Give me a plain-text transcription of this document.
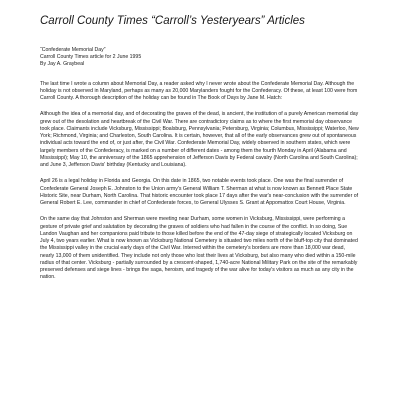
Carroll County Times “Carroll’s Yesteryears” Articles
“Confederate Memorial Day”
Carroll County Times article for 2 June 1995
By Jay A. Graybeal

The last time I wrote a column about Memorial Day, a reader asked why I never wrote about the Confederate Memorial Day. Although the holiday is not observed in Maryland, perhaps as many as 20,000 Marylanders fought for the Confederacy. Of these, at least 100 were from Carroll County. A thorough description of the holiday can be found in The Book of Days by Jane M. Hatch:

Although the idea of a memorial day, and of decorating the graves of the dead, is ancient, the institution of a purely American memorial day grew out of the desolation and heartbreak of the Civil War. There are contradictory claims as to where the first memorial day observance took place. Claimants include Vicksburg, Mississippi; Boalsburg, Pennsylvania; Petersburg, Virginia; Columbus, Mississippi; Waterloo, New York; Richmond, Virginia; and Charleston, South Carolina. It is certain, however, that all of the early observances grew out of spontaneous individual acts toward the end of, or just after, the Civil War. Confederate Memorial Day, widely observed in southern states, which were largely members of the Confederacy, is marked on a number of different dates - among them the fourth Monday in April (Alabama and Mississippi); May 10, the anniversary of the 1865 apprehension of Jefferson Davis by Federal cavalry (North Carolina and South Carolina); and June 3, Jefferson Davis' birthday (Kentucky and Louisiana).

April 26 is a legal holiday in Florida and Georgia. On this date in 1865, two notable events took place. One was the final surrender of Confederate General Joseph E. Johnston to the Union army's General William T. Sherman at what is now known as Bennett Place State Historic Site, near Durham, North Carolina. That historic encounter took place 17 days after the war's near-conclusion with the surrender of General Robert E. Lee, commander in chief of Confederate forces, to General Ulysses S. Grant at Appomattox Court House, Virginia.

On the same day that Johnston and Sherman were meeting near Durham, some women in Vicksburg, Mississippi, were performing a gesture of private grief and salutation by decorating the graves of soldiers who had fallen in the course of the conflict. In so doing, Sue Landon Vaughan and her companions paid tribute to those killed before the end of the 47-day siege of strategically located Vicksburg on July 4, two years earlier. What is now known as Vicksburg National Cemetery is situated two miles north of the bluff-top city that dominated the Mississippi valley in the crucial early days of the Civil War. Interred within the cemetery's borders are more than 18,000 war dead, nearly 13,000 of them unidentified. They include not only those who lost their lives at Vicksburg, but also many who died within a 150-mile radius of that center. Vicksburg - partially surrounded by a crescent-shaped, 1,740-acre National Military Park on the site of the remarkably preserved defenses and siege lines - brings the saga, heroism, and tragedy of the war alive for today's visitors as much as any city in the nation.
